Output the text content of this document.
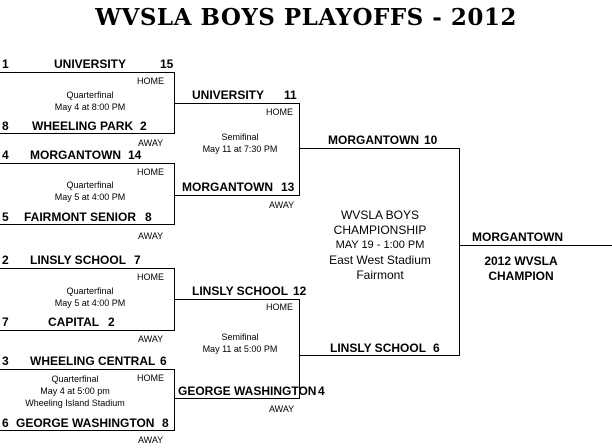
WVSLA BOYS PLAYOFFS - 2012
1	UNIVERSITY	15
HOME
Quarterfinal
May 4 at 8:00 PM
8 WHEELING PARK 2
AWAY
4 MORGANTOWN 14
HOME
Quarterfinal
May 5 at 4:00 PM
5 FAIRMONT SENIOR 8
AWAY
2 LINSLY SCHOOL 7
HOME
Quarterfinal
May 5 at 4:00 PM
7	CAPITAL 2
AWAY
3 WHEELING CENTRAL 6
HOME
Quarterfinal
May 4 at 5:00 pm
Wheeling Island Stadium
6 GEORGE WASHINGTON 8
AWAY
UNIVERSITY 11
HOME
Semifinal
May 11 at 7:30 PM
MORGANTOWN 13
AWAY
LINSLY SCHOOL 12
HOME
Semifinal
May 11 at 5:00 PM
GEORGE WASHINGTON 4
AWAY
MORGANTOWN 10
WVSLA BOYS
CHAMPIONSHIP
MAY 19 - 1:00 PM
East West Stadium
Fairmont
LINSLY SCHOOL 6
MORGANTOWN
2012 WVSLA
CHAMPION
